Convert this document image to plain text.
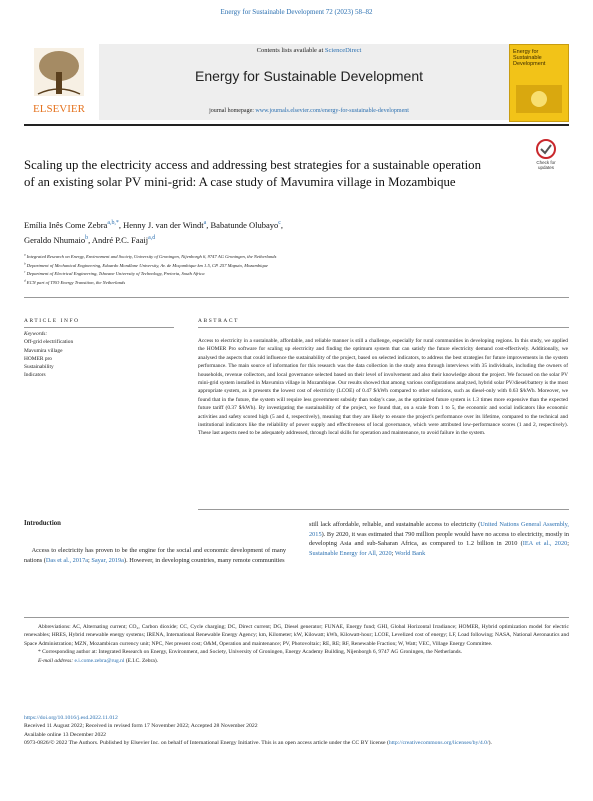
Energy for Sustainable Development 72 (2023) 58–82
ELSEVIER
Contents lists available at ScienceDirect
Energy for Sustainable Development
journal homepage: www.journals.elsevier.com/energy-for-sustainable-development
Energy for Sustainable Development
Check for
updates
Scaling up the electricity access and addressing best strategies for a sustainable operation of an existing solar PV mini-grid: A case study of Mavumira village in Mozambique
Emília Inês Come Zebra$^{a,b,*}$, Henny J. van der Windt$^a$, Babatunde Olubayo$^c$,
Geraldo Nhumaio$^b$, André P.C. Faaij$^{a,d}$
$^a$ Integrated Research on Energy, Environment and Society, University of Groningen, Nijenborgh 6, 9747 AG Groningen, the Netherlands
$^b$ Department of Mechanical Engineering, Eduardo Mondlane University, Av. de Moçambique km 1.5, CP. 257 Maputo, Mozambique
$^c$ Department of Electrical Engineering, Tshwane University of Technology, Pretoria, South Africa
$^d$ ECN part of TNO Energy Transition, the Netherlands
ARTICLE INFO
Keywords:
Off-grid electrification
Mavumira village
HOMER pro
Sustainability
Indicators
ABSTRACT
Access to electricity in a sustainable, affordable, and reliable manner is still a challenge, especially for rural communities in developing regions. In this study, we applied the HOMER Pro software for scaling up electricity and finding the optimum system that can satisfy the future electricity demand cost-effectively. Additionally, we analysed the aspects that could influence the sustainability of the project, based on selected indicators, to address the best strategies for future improvements in the system performance. The main source of information for this research was the data collection in the study area through interviews with 35 individuals, including the owners of households, revenue collectors, and local governance selected based on their level of involvement and also their knowledge about the project. We focused on the solar PV mini-grid system installed in Mavumira village in Mozambique. Our results showed that among various configurations analyzed, hybrid solar PV/diesel/battery is the most appropriate system, as it presents the lowest cost of electricity (LCOE) of 0.47 $/kWh compared to other solutions, such as diesel-only with 0.63 $/kWh. Moreover, we found that in the future, the system will require less government subsidy than today's case, as the optimized future system is 1.3 times more expensive than the expected future tariff (0.37 $/kWh). By investigating the sustainability of the project, we found that, on a scale from 1 to 5, the economic and social indicators like economic activities and safety scored high (5 and 4, respectively), meaning that they are likely to ensure the project's performance over its lifetime, compared to the technical and institutional indicators like the reliability of power supply and effectiveness of local governance, which were attributed low-performance scores (1 and 2, respectively). These last aspects need to be adequately addressed, through local skills for operation and maintenance, to avoid failure in the system.
Introduction
Access to electricity has proven to be the engine for the social and economic development of many nations (Das et al., 2017a; Sayar, 2019a). However, in developing countries, many remote communities
still lack affordable, reliable, and sustainable access to electricity (United Nations General Assembly, 2015). By 2020, it was estimated that 790 million people would have no access to electricity, mostly in developing Asia and sub-Saharan Africa, as compared to 1.2 billion in 2010 (IEA et al., 2020; Sustainable Energy for All, 2020; World Bank
Abbreviations: AC, Alternating current; CO₂, Carbon dioxide; CC, Cycle charging; DC, Direct current; DG, Diesel generator; FUNAE, Energy fund; GHI, Global Horizontal Irradiance; HOMER, Hybrid optimization model for electric renewables; HRES, Hybrid renewable energy systems; IRENA, International Renewable Energy Agency; km, Kilometer; kW, Kilowatt; kWh, Kilowatt-hour; LCOE, Levelized cost of energy; LF, Load following; NASA, National Aeronautics and Space Administration; MZN, Mozambican currency unit; NPC, Net present cost; O&M, Operation and maintenance; PV, Photovoltaic; RE, RE; RF, Renewable Fraction; W, Watt; VEC, Village Energy Committee.
* Corresponding author at: Integrated Research on Energy, Environment, and Society, University of Groningen, Energy Academy Building, Nijenborgh 6, 9747 AG Groningen, the Netherlands.
E-mail address: e.i.come.zebra@rug.nl (E.I.C. Zebra).
https://doi.org/10.1016/j.esd.2022.11.012
Received 11 August 2022; Received in revised form 17 November 2022; Accepted 28 November 2022
Available online 13 December 2022
0973-0826/© 2022 The Authors. Published by Elsevier Inc. on behalf of International Energy Initiative. This is an open access article under the CC BY license (http://creativecommons.org/licenses/by/4.0/).
